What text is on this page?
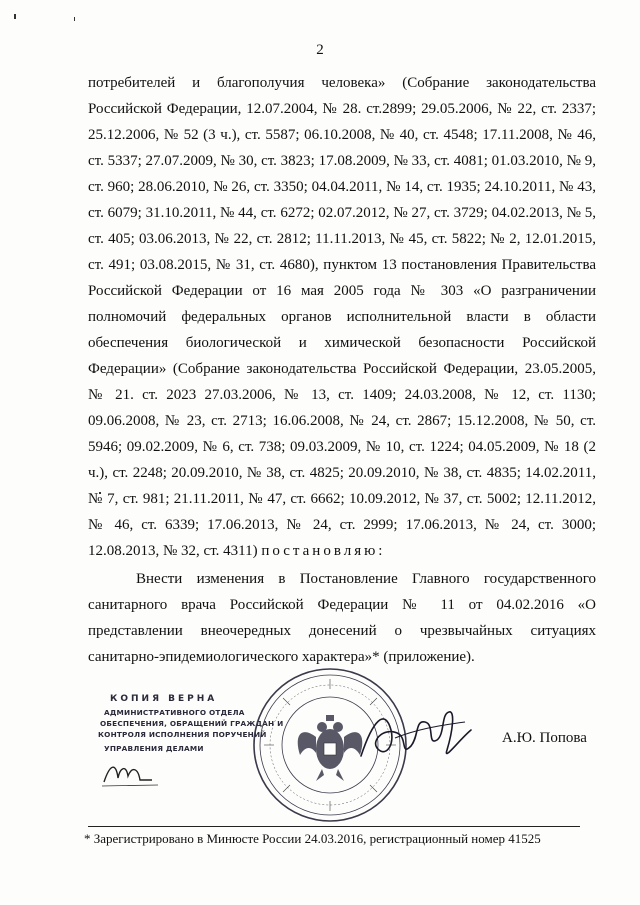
2
потребителей и благополучия человека» (Собрание законодательства
Российской Федерации, 12.07.2004, № 28. ст.2899; 29.05.2006, № 22, ст. 2337;
25.12.2006, № 52 (3 ч.), ст. 5587; 06.10.2008, № 40, ст. 4548; 17.11.2008, № 46,
ст. 5337; 27.07.2009, № 30, ст. 3823; 17.08.2009, № 33, ст. 4081; 01.03.2010, № 9,
ст. 960; 28.06.2010, № 26, ст. 3350; 04.04.2011, № 14, ст. 1935; 24.10.2011, № 43,
ст. 6079; 31.10.2011, № 44, ст. 6272; 02.07.2012, № 27, ст. 3729; 04.02.2013, № 5,
ст. 405; 03.06.2013, № 22, ст. 2812; 11.11.2013, № 45, ст. 5822; № 2, 12.01.2015,
ст. 491; 03.08.2015, № 31, ст. 4680), пунктом 13 постановления Правительства
Российской Федерации от 16 мая 2005 года № 303 «О разграничении
полномочий федеральных органов исполнительной власти в области
обеспечения биологической и химической безопасности Российской
Федерации» (Собрание законодательства Российской Федерации, 23.05.2005,
№ 21. ст. 2023 27.03.2006, № 13, ст. 1409; 24.03.2008, № 12, ст. 1130;
09.06.2008, № 23, ст. 2713; 16.06.2008, № 24, ст. 2867; 15.12.2008, № 50, ст.
5946; 09.02.2009, № 6, ст. 738; 09.03.2009, № 10, ст. 1224; 04.05.2009, № 18 (2
ч.), ст. 2248; 20.09.2010, № 38, ст. 4825; 20.09.2010, № 38, ст. 4835; 14.02.2011,
№ 7, ст. 981; 21.11.2011, № 47, ст. 6662; 10.09.2012, № 37, ст. 5002; 12.11.2012,
№ 46, ст. 6339; 17.06.2013, № 24, ст. 2999; 17.06.2013, № 24, ст. 3000;
12.08.2013, № 32, ст. 4311) постановляю:
Внести изменения в Постановление Главного государственного
санитарного врача Российской Федерации № 11 от 04.02.2016 «О
представлении внеочередных донесений о чрезвычайных ситуациях
санитарно-эпидемиологического характера»* (приложение).
КОПИЯ ВЕРНА
АДМИНИСТРАТИВНОГО ОТДЕЛА
ОБЕСПЕЧЕНИЯ, ОБРАЩЕНИЙ ГРАЖДАН И
КОНТРОЛЯ ИСПОЛНЕНИЯ ПОРУЧЕНИЙ
УПРАВЛЕНИЯ ДЕЛАМИ
А.Ю. Попова
* Зарегистрировано в Минюсте России 24.03.2016, регистрационный номер 41525
